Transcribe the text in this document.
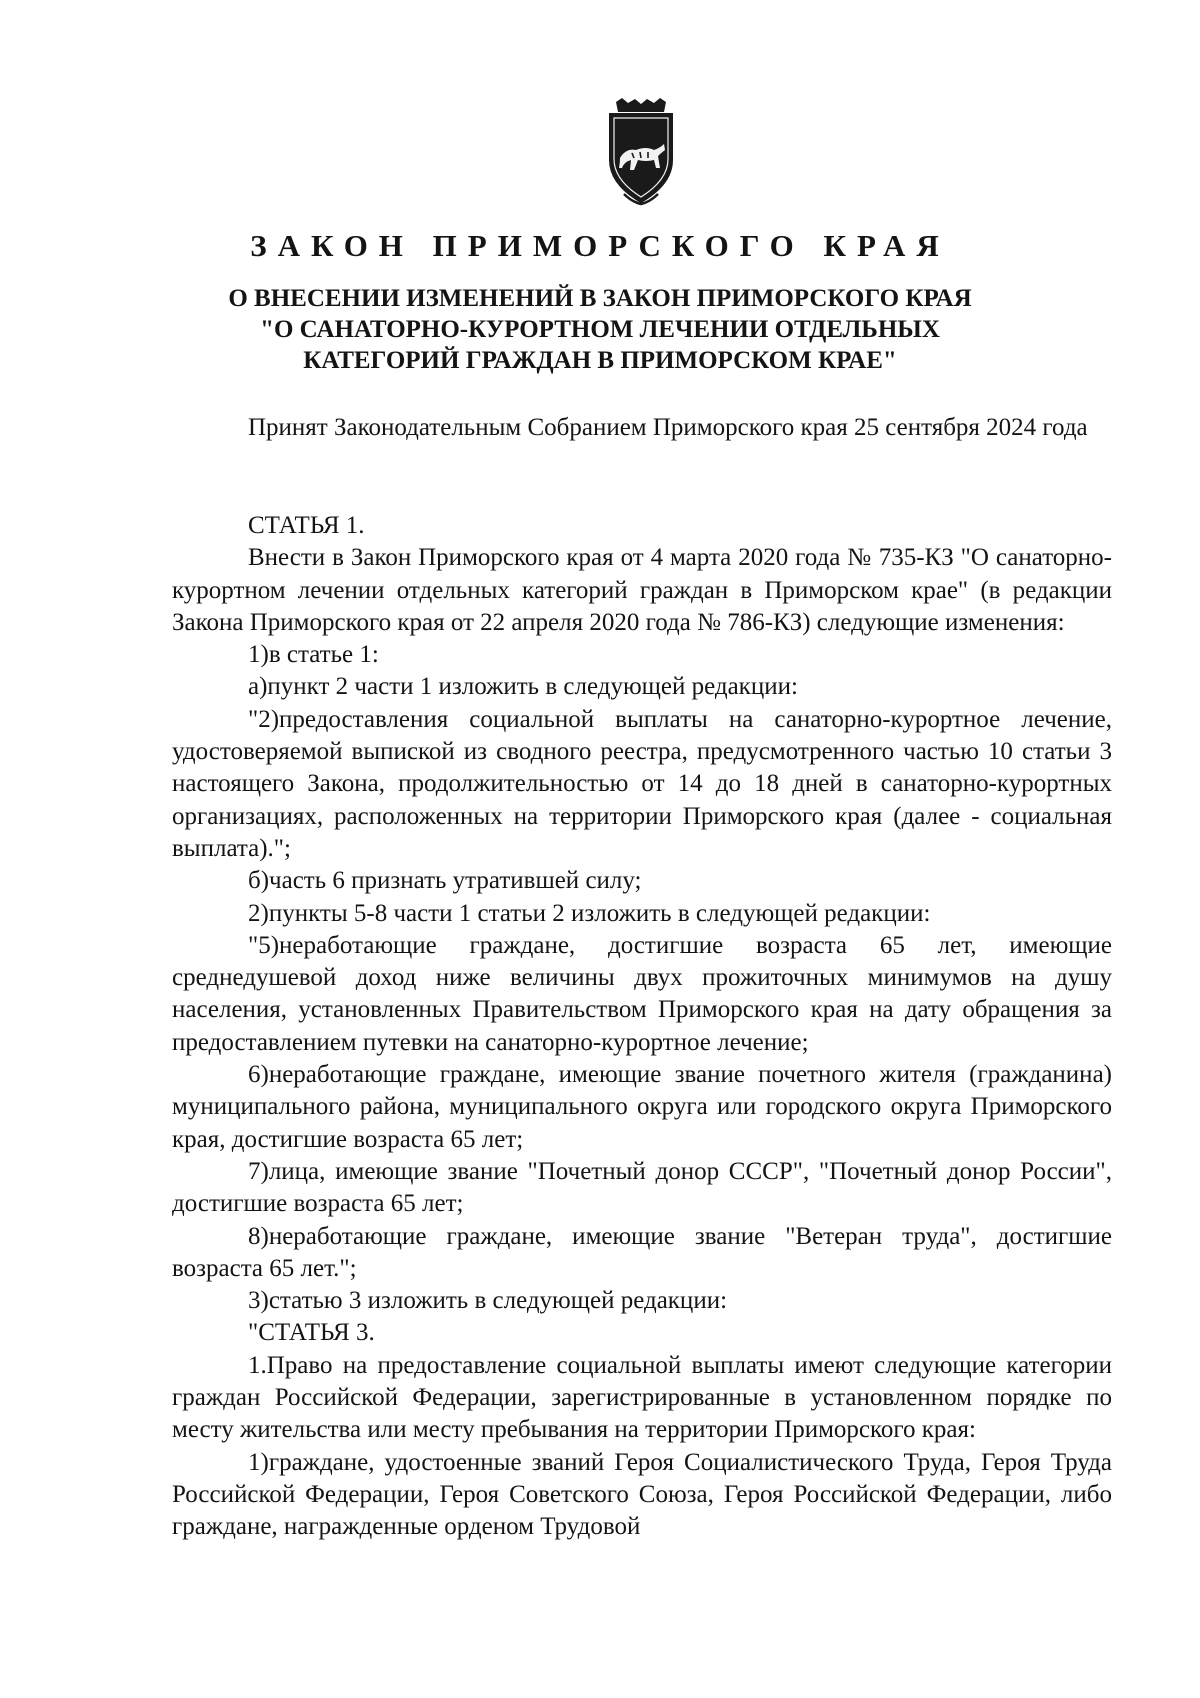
ЗАКОН ПРИМОРСКОГО КРАЯ
О ВНЕСЕНИИ ИЗМЕНЕНИЙ В ЗАКОН ПРИМОРСКОГО КРАЯ
"О САНАТОРНО-КУРОРТНОМ ЛЕЧЕНИИ ОТДЕЛЬНЫХ
КАТЕГОРИЙ ГРАЖДАН В ПРИМОРСКОМ КРАЕ"

Принят Законодательным Собранием Приморского края 25 сентября 2024 года

СТАТЬЯ 1.

Внести в Закон Приморского края от 4 марта 2020 года № 735-КЗ "О санаторно-курортном лечении отдельных категорий граждан в Приморском крае" (в редакции Закона Приморского края от 22 апреля 2020 года № 786-КЗ) следующие изменения:

1)в статье 1:

а)пункт 2 части 1 изложить в следующей редакции:

"2)предоставления социальной выплаты на санаторно-курортное лечение, удостоверяемой выпиской из сводного реестра, предусмотренного частью 10 статьи 3 настоящего Закона, продолжительностью от 14 до 18 дней в санаторно-курортных организациях, расположенных на территории Приморского края (далее - социальная выплата).";

б)часть 6 признать утратившей силу;

2)пункты 5-8 части 1 статьи 2 изложить в следующей редакции:

"5)неработающие граждане, достигшие возраста 65 лет, имеющие среднедушевой доход ниже величины двух прожиточных минимумов на душу населения, установленных Правительством Приморского края на дату обращения за предоставлением путевки на санаторно-курортное лечение;

6)неработающие граждане, имеющие звание почетного жителя (гражданина) муниципального района, муниципального округа или городского округа Приморского края, достигшие возраста 65 лет;

7)лица, имеющие звание "Почетный донор СССР", "Почетный донор России", достигшие возраста 65 лет;

8)неработающие граждане, имеющие звание "Ветеран труда", достигшие возраста 65 лет.";

3)статью 3 изложить в следующей редакции:

"СТАТЬЯ 3.

1.Право на предоставление социальной выплаты имеют следующие категории граждан Российской Федерации, зарегистрированные в установленном порядке по месту жительства или месту пребывания на территории Приморского края:

1)граждане, удостоенные званий Героя Социалистического Труда, Героя Труда Российской Федерации, Героя Советского Союза, Героя Российской Федерации, либо граждане, награжденные орденом Трудовой
